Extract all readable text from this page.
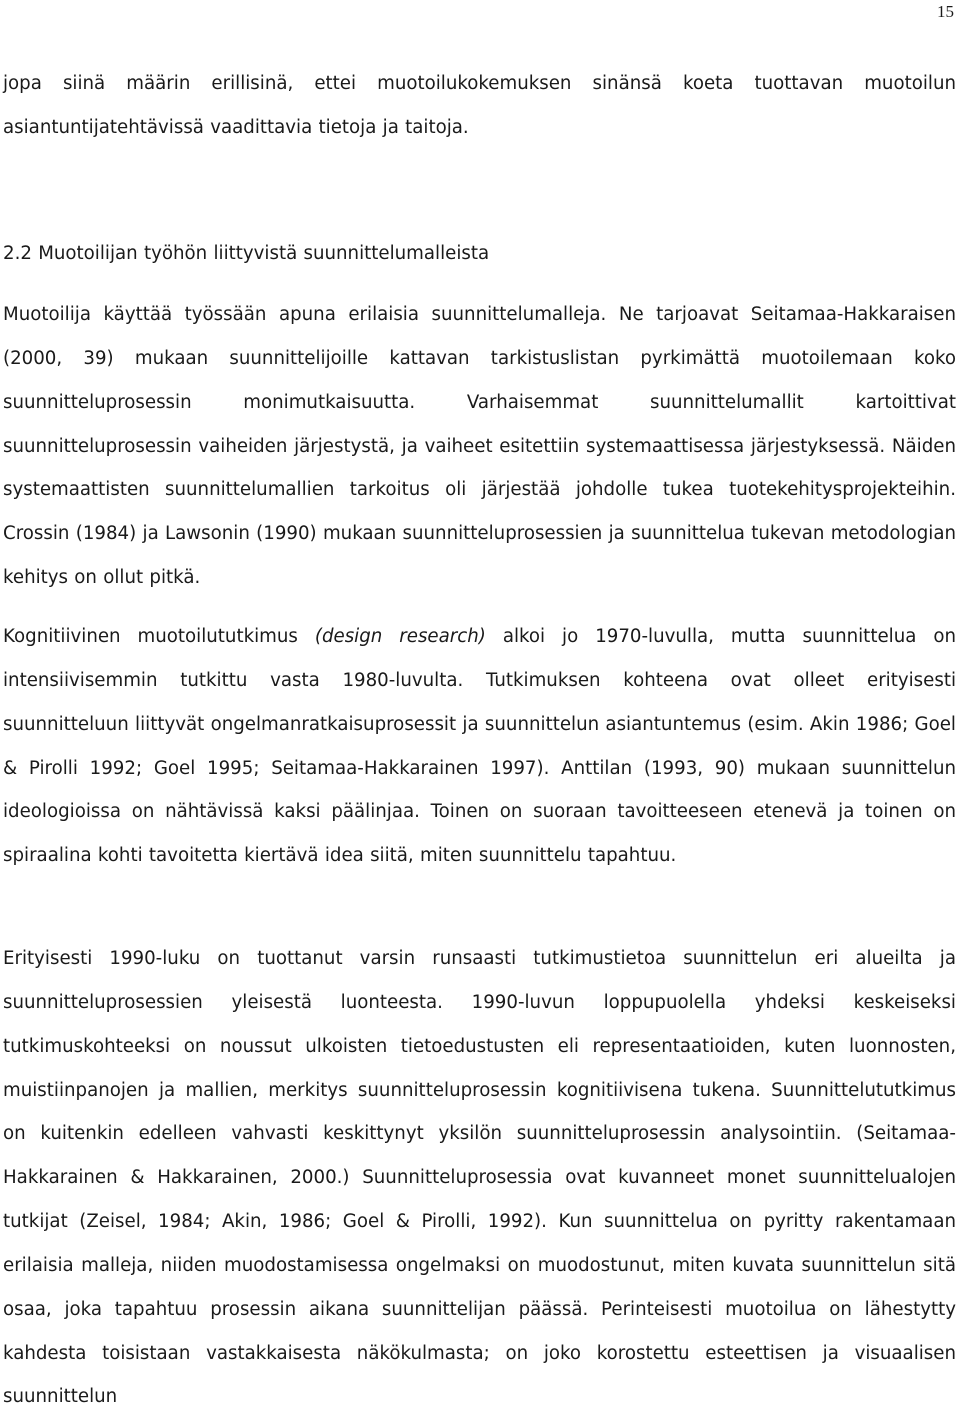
15

jopa siinä määrin erillisinä, ettei muotoilukokemuksen sinänsä koeta tuottavan muotoilun asiantuntijatehtävissä vaadittavia tietoja ja taitoja.

2.2 Muotoilijan työhön liittyvistä suunnittelumalleista

Muotoilija käyttää työssään apuna erilaisia suunnittelumalleja. Ne tarjoavat Seitamaa-Hakkaraisen (2000, 39) mukaan suunnittelijoille kattavan tarkistuslistan pyrkimättä muotoilemaan koko suunnitteluprosessin monimutkaisuutta. Varhaisemmat suunnittelumallit kartoittivat suunnitteluprosessin vaiheiden järjestystä, ja vaiheet esitettiin systemaattisessa järjestyksessä. Näiden systemaattisten suunnittelumallien tarkoitus oli järjestää johdolle tukea tuotekehitysprojekteihin. Crossin (1984) ja Lawsonin (1990) mukaan suunnitteluprosessien ja suunnittelua tukevan metodologian kehitys on ollut pitkä.

Kognitiivinen muotoilututkimus (design research) alkoi jo 1970-luvulla, mutta suunnittelua on intensiivisemmin tutkittu vasta 1980-luvulta. Tutkimuksen kohteena ovat olleet erityisesti suunnitteluun liittyvät ongelmanratkaisuprosessit ja suunnittelun asiantuntemus (esim. Akin 1986; Goel & Pirolli 1992; Goel 1995; Seitamaa-Hakkarainen 1997). Anttilan (1993, 90) mukaan suunnittelun ideologioissa on nähtävissä kaksi päälinjaa. Toinen on suoraan tavoitteeseen etenevä ja toinen on spiraalina kohti tavoitetta kiertävä idea siitä, miten suunnittelu tapahtuu.

Erityisesti 1990-luku on tuottanut varsin runsaasti tutkimustietoa suunnittelun eri alueilta ja suunnitteluprosessien yleisestä luonteesta. 1990-luvun loppupuolella yhdeksi keskeiseksi tutkimuskohteeksi on noussut ulkoisten tietoedustusten eli representaatioiden, kuten luonnosten, muistiinpanojen ja mallien, merkitys suunnitteluprosessin kognitiivisena tukena. Suunnittelututkimus on kuitenkin edelleen vahvasti keskittynyt yksilön suunnitteluprosessin analysointiin. (Seitamaa-Hakkarainen & Hakkarainen, 2000.) Suunnitteluprosessia ovat kuvanneet monet suunnittelualojen tutkijat (Zeisel, 1984; Akin, 1986; Goel & Pirolli, 1992). Kun suunnittelua on pyritty rakentamaan erilaisia malleja, niiden muodostamisessa ongelmaksi on muodostunut, miten kuvata suunnittelun sitä osaa, joka tapahtuu prosessin aikana suunnittelijan päässä. Perinteisesti muotoilua on lähestytty kahdesta toisistaan vastakkaisesta näkökulmasta; on joko korostettu esteettisen ja visuaalisen suunnittelun
